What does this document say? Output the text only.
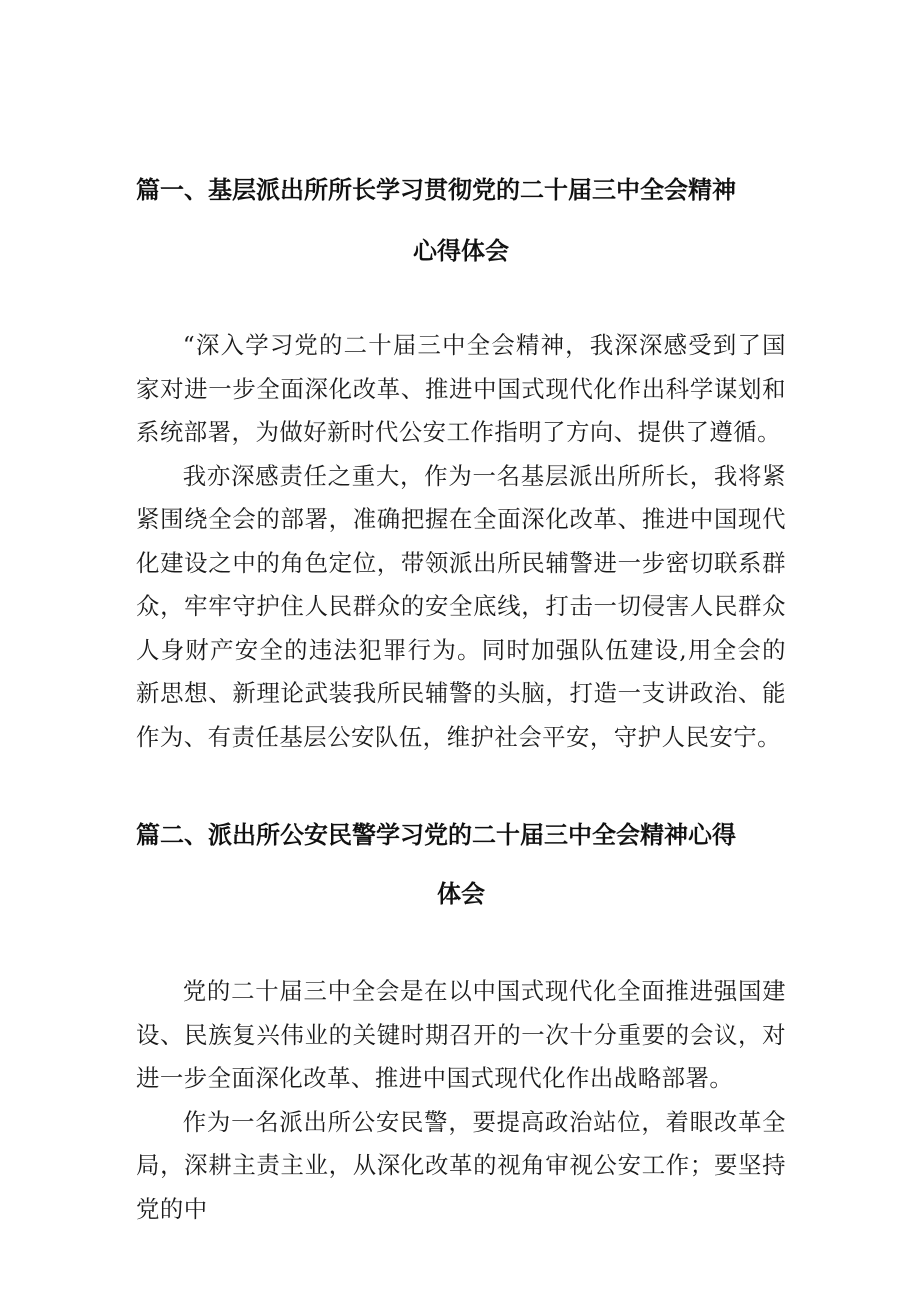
篇一、基层派出所所长学习贯彻党的二十届三中全会精神
心得体会

“深入学习党的二十届三中全会精神，我深深感受到了国家对进一步全面深化改革、推进中国式现代化作出科学谋划和系统部署，为做好新时代公安工作指明了方向、提供了遵循。

我亦深感责任之重大，作为一名基层派出所所长，我将紧紧围绕全会的部署，准确把握在全面深化改革、推进中国现代化建设之中的角色定位，带领派出所民辅警进一步密切联系群众，牢牢守护住人民群众的安全底线，打击一切侵害人民群众人身财产安全的违法犯罪行为。同时加强队伍建设,用全会的新思想、新理论武装我所民辅警的头脑，打造一支讲政治、能作为、有责任基层公安队伍，维护社会平安，守护人民安宁。

篇二、派出所公安民警学习党的二十届三中全会精神心得
体会

党的二十届三中全会是在以中国式现代化全面推进强国建设、民族复兴伟业的关键时期召开的一次十分重要的会议，对进一步全面深化改革、推进中国式现代化作出战略部署。

作为一名派出所公安民警，要提高政治站位，着眼改革全局，深耕主责主业，从深化改革的视角审视公安工作；要坚持党的中
